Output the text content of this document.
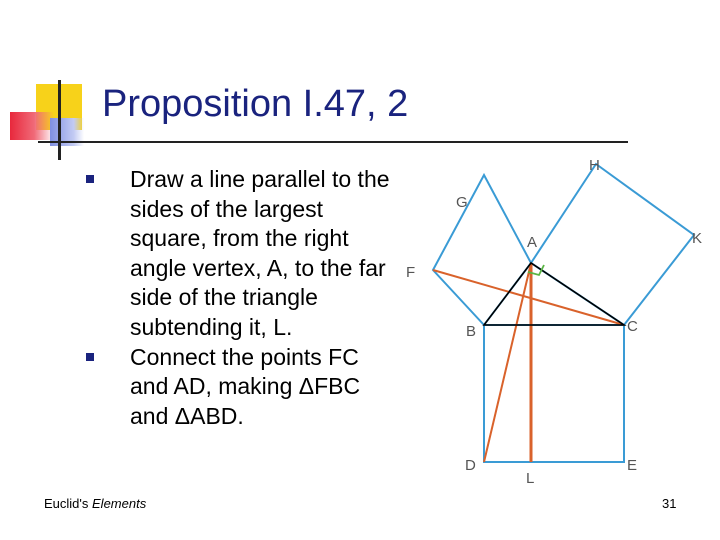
Proposition I.47, 2
Draw a line parallel to the sides of the largest square, from the right angle vertex, A, to the far side of the triangle subtending it, L.
Connect the points FC and AD, making ΔFBC and ΔABD.
H
G
A	K
F
B	C
D	E
L
Euclid's Elements	31
